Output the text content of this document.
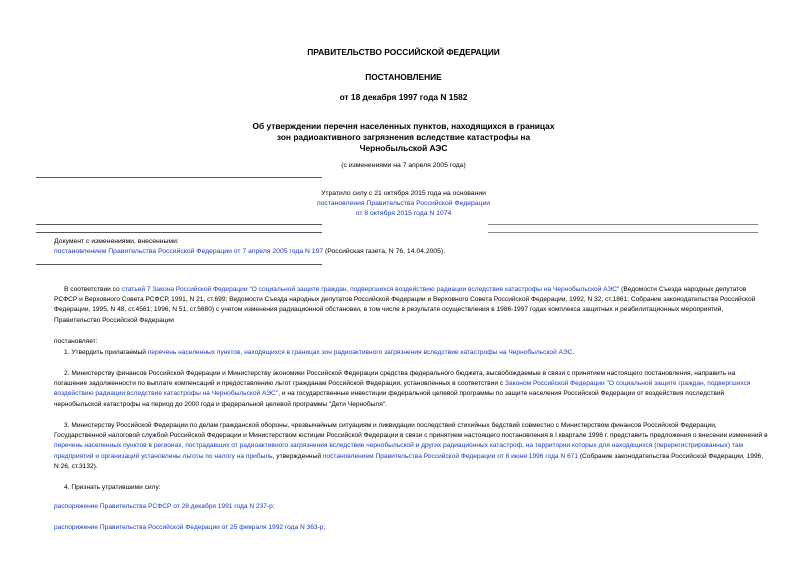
ПРАВИТЕЛЬСТВО РОССИЙСКОЙ ФЕДЕРАЦИИ
ПОСТАНОВЛЕНИЕ
от 18 декабря 1997 года N 1582
Об утверждении перечня населенных пунктов, находящихся в границах
зон радиоактивного загрязнения вследствие катастрофы на
Чернобыльской АЭС
(с изменениями на 7 апреля 2005 года)
Утратило силу с 21 октября 2015 года на основании
постановления Правительства Российской Федерации
от 8 октября 2015 года N 1074
Документ с изменениями, внесенными:
постановлением Правительства Российской Федерации от 7 апреля 2005 года N 197 (Российская газета, N 76, 14.04.2005).
В соответствии со статьей 7 Закона Российской Федерации "О социальной защите граждан, подвергшихся воздействию радиации вследствие катастрофы на Чернобыльской АЭС" (Ведомости Съезда народных депутатов РСФСР и Верховного Совета РСФСР, 1991, N 21, ст.699; Ведомости Съезда народных депутатов Российской Федерации и Верховного Совета Российской Федерации, 1992, N 32, ст.1861; Собрание законодательства Российской Федерации, 1995, N 48, ст.4561; 1996, N 51, ст.5680) с учетом изменения радиационной обстановки, в том числе в результате осуществления в 1986-1997 годах комплекса защитных и реабилитационных мероприятий, Правительство Российской Федерации
постановляет:
1. Утвердить прилагаемый перечень населенных пунктов, находящихся в границах зон радиоактивного загрязнения вследствие катастрофы на Чернобыльской АЭС.
2. Министерству финансов Российской Федерации и Министерству экономики Российской Федерации средства федерального бюджета, высвобождаемые в связи с принятием настоящего постановления, направить на погашение задолженности по выплате компенсаций и предоставлению льгот гражданам Российской Федерации, установленных в соответствии с Законом Российской Федерации "О социальной защите граждан, подвергшихся воздействию радиации вследствие катастрофы на Чернобыльской АЭС", и на государственные инвестиции федеральной целевой программы по защите населения Российской Федерации от воздействия последствий чернобыльской катастрофы на период до 2000 года и федеральной целевой программы "Дети Чернобыля".
3. Министерству Российской Федерации по делам гражданской обороны, чрезвычайным ситуациям и ликвидации последствий стихийных бедствий совместно с Министерством финансов Российской Федерации, Государственной налоговой службой Российской Федерации и Министерством юстиции Российской Федерации в связи с принятием настоящего постановления в I квартале 1998 г. представить предложения о внесении изменений в перечень населенных пунктов в регионах, пострадавших от радиоактивного загрязнения вследствие чернобыльской и других радиационных катастроф, на территории которых для находящихся (перерегистрированных) там предприятий и организаций установлены льготы по налогу на прибыль, утвержденный постановлением Правительства Российской Федерации от 8 июня 1996 года N 671 (Собрание законодательства Российской Федерации, 1996, N 26, ст.3132).
4. Признать утратившими силу:
распоряжение Правительства РСФСР от 28 декабря 1991 года N 237-р;
распоряжение Правительства Российской Федерации от 25 февраля 1992 года N 363-р;
